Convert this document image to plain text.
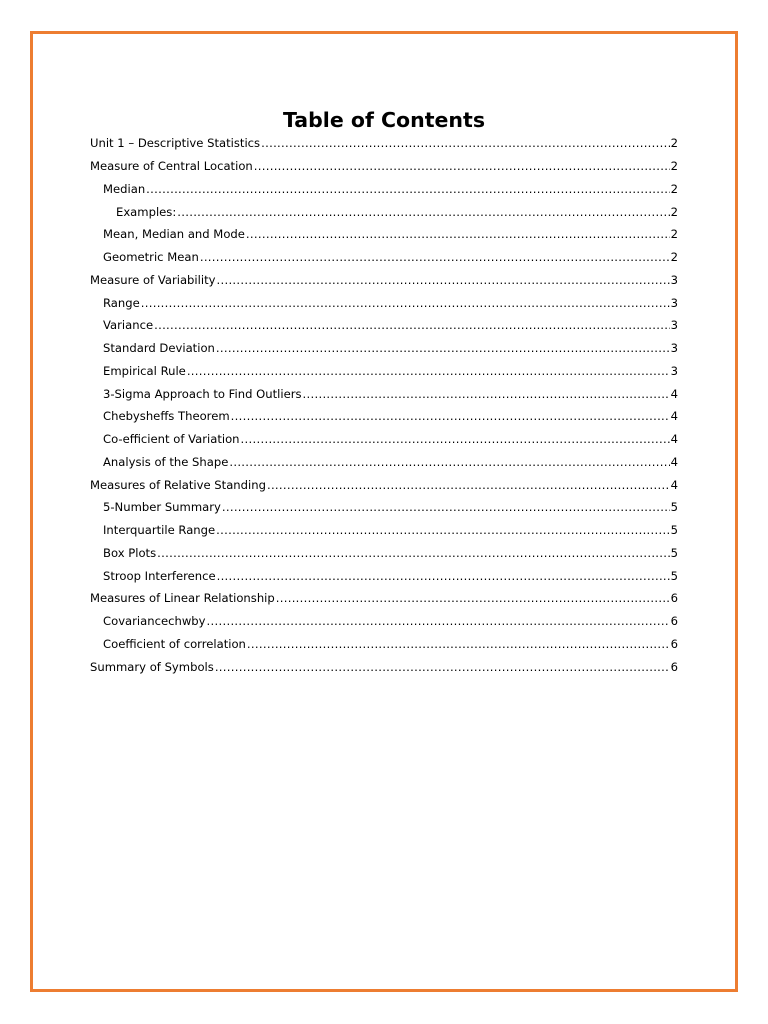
Table of Contents
Unit 1 – Descriptive Statistics .....	2
Measure of Central Location .....	2
Median .....	2
Examples: .....	2
Mean, Median and Mode .....	2
Geometric Mean .....	2
Measure of Variability .....	3
Range .....	3
Variance .....	3
Standard Deviation .....	3
Empirical Rule .....	3
3-Sigma Approach to Find Outliers .....	4
Chebysheffs Theorem .....	4
Co-efficient of Variation .....	4
Analysis of the Shape .....	4
Measures of Relative Standing .....	4
5-Number Summary .....	5
Interquartile Range .....	5
Box Plots .....	5
Stroop Interference .....	5
Measures of Linear Relationship .....	6
Covariancechwby .....	6
Coefficient of correlation .....	6
Summary of Symbols .....	6
